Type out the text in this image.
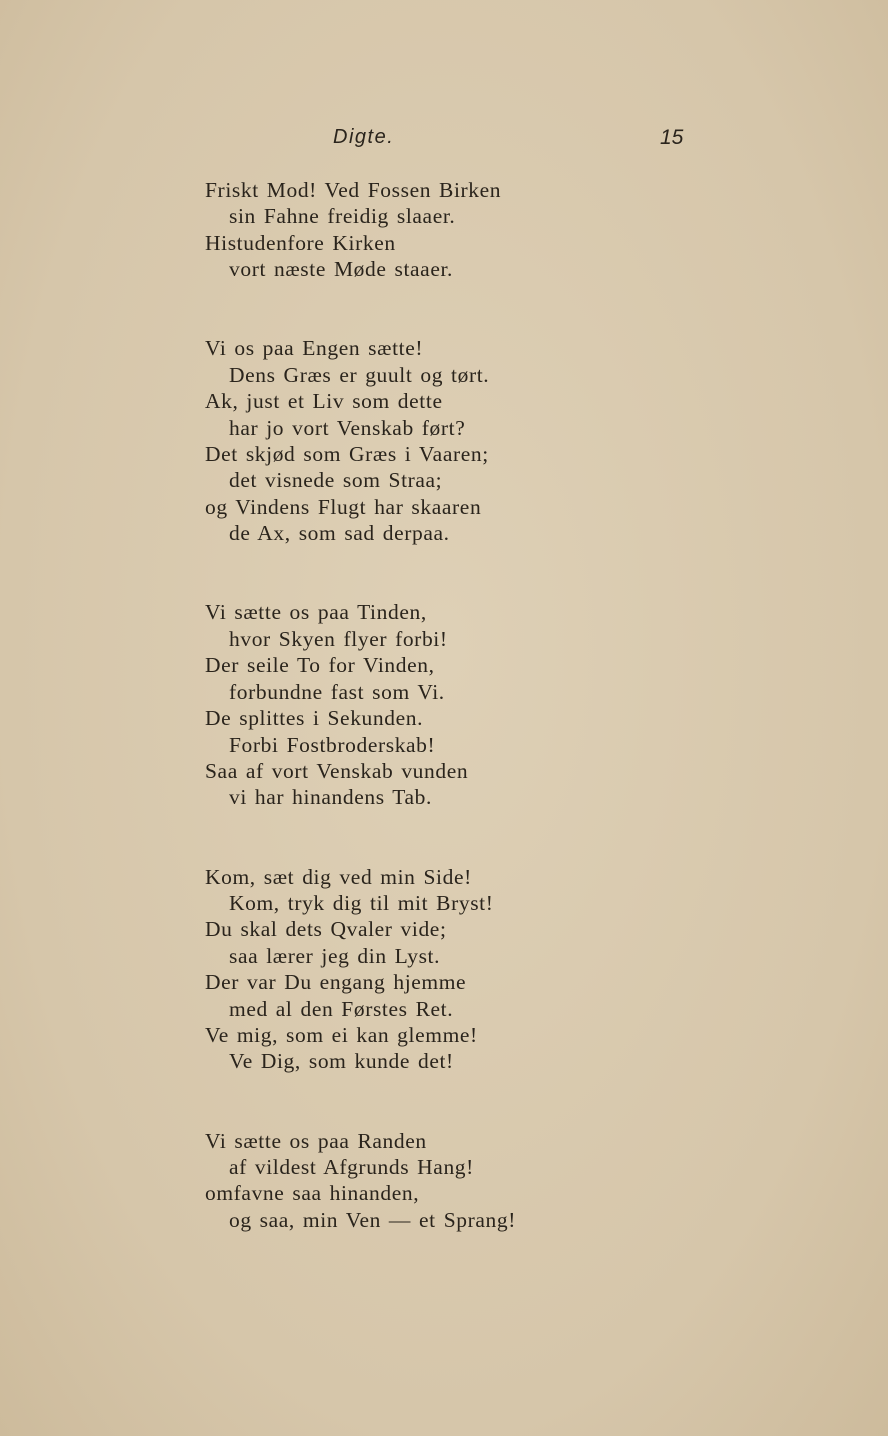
Digte.	15
Friskt Mod! Ved Fossen Birken
sin Fahne freidig slaaer.
Histudenfore Kirken
vort næste Møde staaer.
Vi os paa Engen sætte!
Dens Græs er guult og tørt.
Ak, just et Liv som dette
har jo vort Venskab ført?
Det skjød som Græs i Vaaren;
det visnede som Straa;
og Vindens Flugt har skaaren
de Ax, som sad derpaa.
Vi sætte os paa Tinden,
hvor Skyen flyer forbi!
Der seile To for Vinden,
forbundne fast som Vi.
De splittes i Sekunden.
Forbi Fostbroderskab!
Saa af vort Venskab vunden
vi har hinandens Tab.
Kom, sæt dig ved min Side!
Kom, tryk dig til mit Bryst!
Du skal dets Qvaler vide;
saa lærer jeg din Lyst.
Der var Du engang hjemme
med al den Førstes Ret.
Ve mig, som ei kan glemme!
Ve Dig, som kunde det!
Vi sætte os paa Randen
af vildest Afgrunds Hang!
omfavne saa hinanden,
og saa, min Ven — et Sprang!
